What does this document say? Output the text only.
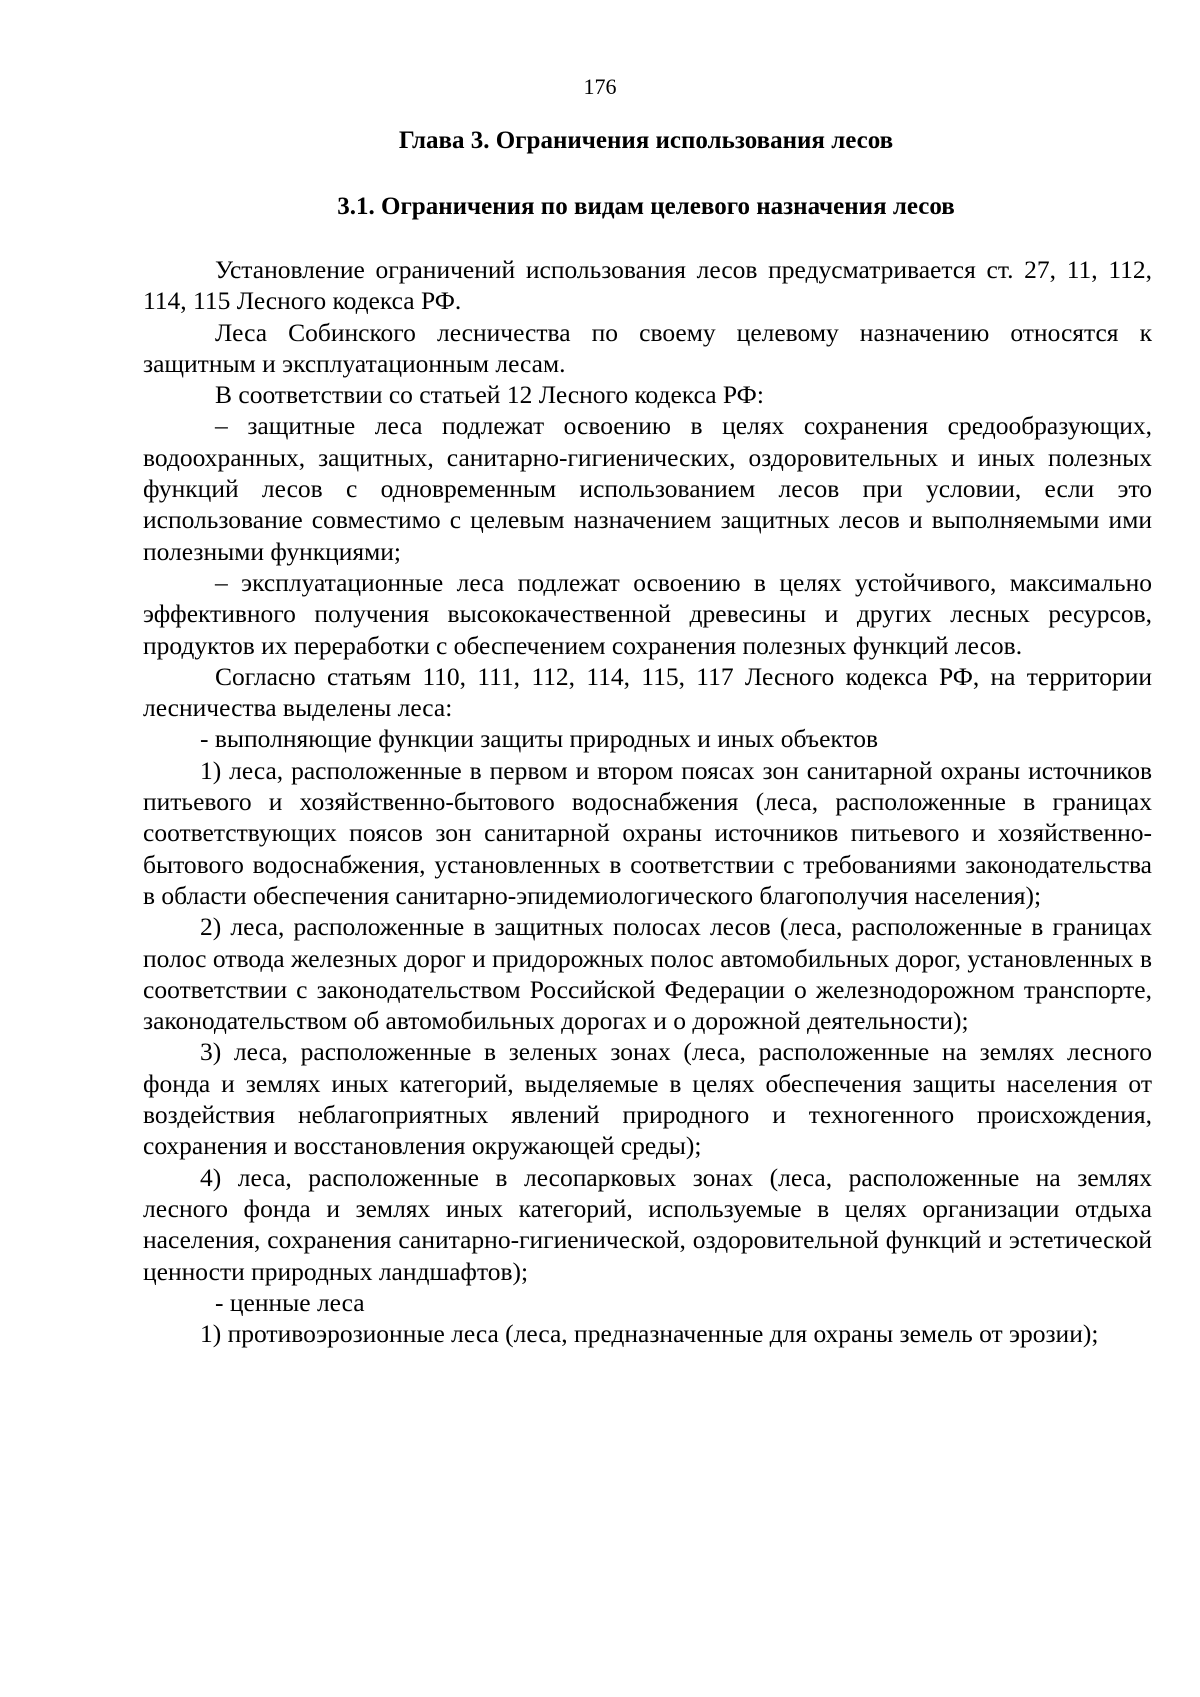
176
Глава 3. Ограничения использования лесов
3.1. Ограничения по видам целевого назначения лесов

Установление ограничений использования лесов предусматривается ст. 27, 11, 112, 114, 115 Лесного кодекса РФ.

Леса Собинского лесничества по своему целевому назначению относятся к защитным и эксплуатационным лесам.

В соответствии со статьей 12 Лесного кодекса РФ:

– защитные леса подлежат освоению в целях сохранения средообразующих, водоохранных, защитных, санитарно-гигиенических, оздоровительных и иных полезных функций лесов с одновременным использованием лесов при условии, если это использование совместимо с целевым назначением защитных лесов и выполняемыми ими полезными функциями;

– эксплуатационные леса подлежат освоению в целях устойчивого, максимально эффективного получения высококачественной древесины и других лесных ресурсов, продуктов их переработки с обеспечением сохранения полезных функций лесов.

Согласно статьям 110, 111, 112, 114, 115, 117 Лесного кодекса РФ, на территории лесничества выделены леса:

- выполняющие функции защиты природных и иных объектов

1) леса, расположенные в первом и втором поясах зон санитарной охраны источников питьевого и хозяйственно-бытового водоснабжения (леса, расположенные в границах соответствующих поясов зон санитарной охраны источников питьевого и хозяйственно-бытового водоснабжения, установленных в соответствии с требованиями законодательства в области обеспечения санитарно-эпидемиологического благополучия населения);

2) леса, расположенные в защитных полосах лесов (леса, расположенные в границах полос отвода железных дорог и придорожных полос автомобильных дорог, установленных в соответствии с законодательством Российской Федерации о железнодорожном транспорте, законодательством об автомобильных дорогах и о дорожной деятельности);

3) леса, расположенные в зеленых зонах (леса, расположенные на землях лесного фонда и землях иных категорий, выделяемые в целях обеспечения защиты населения от воздействия неблагоприятных явлений природного и техногенного происхождения, сохранения и восстановления окружающей среды);

4) леса, расположенные в лесопарковых зонах (леса, расположенные на землях лесного фонда и землях иных категорий, используемые в целях организации отдыха населения, сохранения санитарно-гигиенической, оздоровительной функций и эстетической ценности природных ландшафтов);

- ценные леса

1) противоэрозионные леса (леса, предназначенные для охраны земель от эрозии);
